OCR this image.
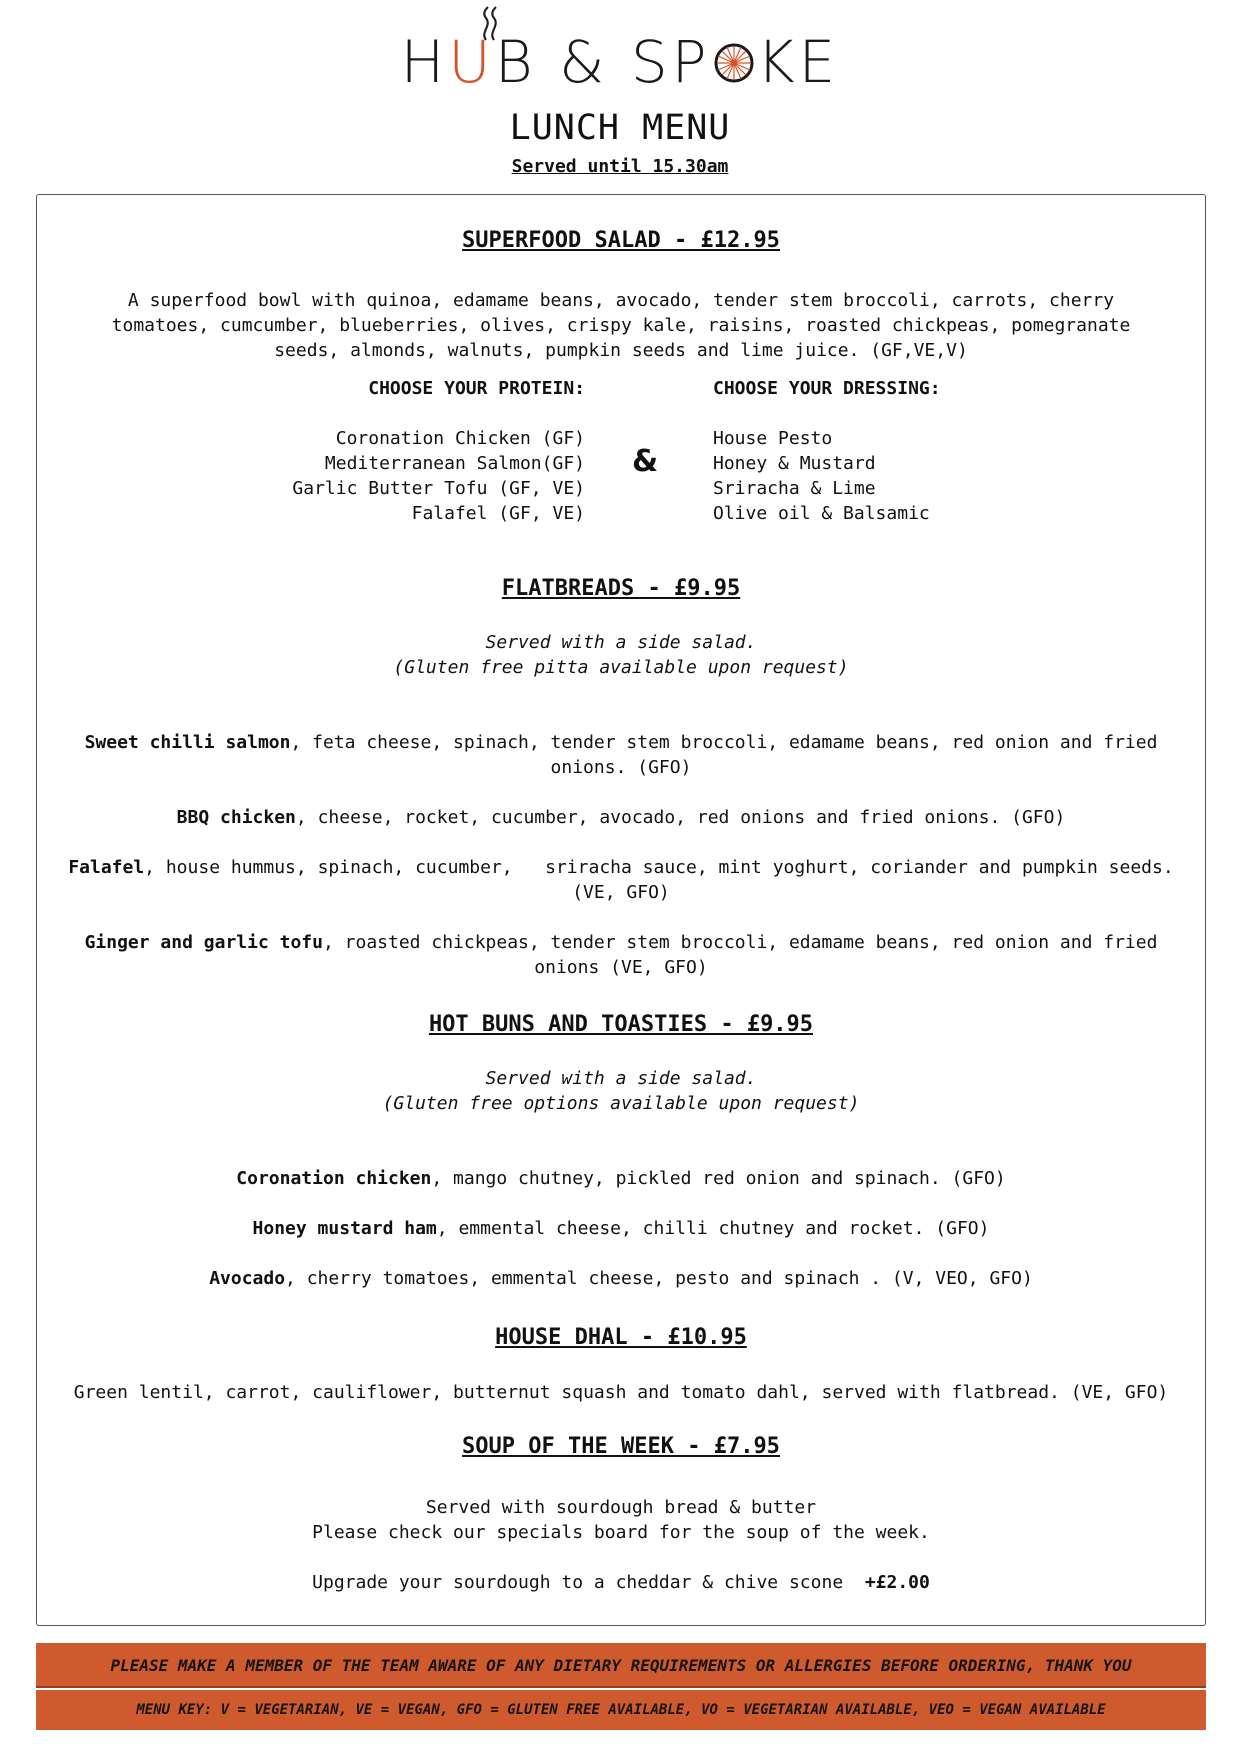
HUB & SP KE
LUNCH MENU
Served until 15.30am
SUPERFOOD SALAD - £12.95
A superfood bowl with quinoa, edamame beans, avocado, tender stem broccoli, carrots, cherry tomatoes, cumcumber, blueberries, olives, crispy kale, raisins, roasted chickpeas, pomegranate seeds, almonds, walnuts, pumpkin seeds and lime juice. (GF,VE,V)
CHOOSE YOUR PROTEIN:
Coronation Chicken (GF)
Mediterranean Salmon(GF)
Garlic Butter Tofu (GF, VE)
Falafel (GF, VE)
&
CHOOSE YOUR DRESSING:
House Pesto
Honey & Mustard
Sriracha & Lime
Olive oil & Balsamic
FLATBREADS - £9.95
Served with a side salad.
(Gluten free pitta available upon request)
Sweet chilli salmon, feta cheese, spinach, tender stem broccoli, edamame beans, red onion and fried onions. (GFO)
BBQ chicken, cheese, rocket, cucumber, avocado, red onions and fried onions. (GFO)
Falafel, house hummus, spinach, cucumber,   sriracha sauce, mint yoghurt, coriander and pumpkin seeds. (VE, GFO)
Ginger and garlic tofu, roasted chickpeas, tender stem broccoli, edamame beans, red onion and fried onions (VE, GFO)
HOT BUNS AND TOASTIES - £9.95
Served with a side salad.
(Gluten free options available upon request)
Coronation chicken, mango chutney, pickled red onion and spinach. (GFO)
Honey mustard ham, emmental cheese, chilli chutney and rocket. (GFO)
Avocado, cherry tomatoes, emmental cheese, pesto and spinach . (V, VEO, GFO)
HOUSE DHAL - £10.95
Green lentil, carrot, cauliflower, butternut squash and tomato dahl, served with flatbread. (VE, GFO)
SOUP OF THE WEEK - £7.95
Served with sourdough bread & butter
Please check our specials board for the soup of the week.
Upgrade your sourdough to a cheddar & chive scone  +£2.00
PLEASE MAKE A MEMBER OF THE TEAM AWARE OF ANY DIETARY REQUIREMENTS OR ALLERGIES BEFORE ORDERING, THANK YOU
MENU KEY: V = VEGETARIAN, VE = VEGAN, GFO = GLUTEN FREE AVAILABLE, VO = VEGETARIAN AVAILABLE, VEO = VEGAN AVAILABLE
